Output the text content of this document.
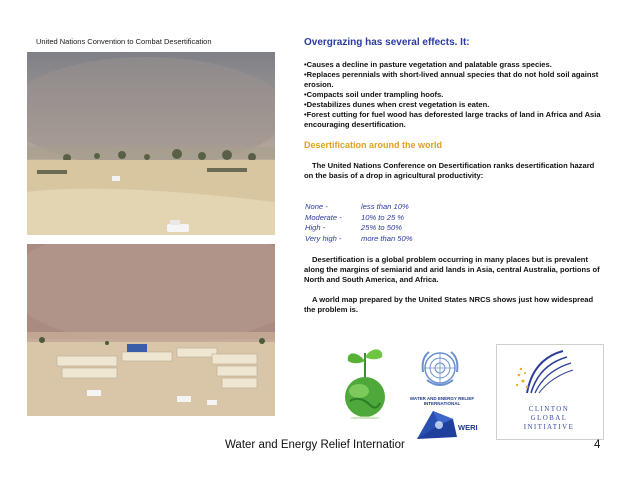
United Nations Convention to Combat Desertification	Overgrazing has several effects. It:
•Causes a decline in pasture vegetation and palatable grass species.
•Replaces perennials with short-lived annual species that do not hold soil against erosion.
•Compacts soil under trampling hoofs.
•Destabilizes dunes when crest vegetation is eaten.
•Forest cutting for fuel wood has deforested large tracks of land in Africa and Asia encouraging desertification.
Desertification around the world
The United Nations Conference on Desertification ranks desertification hazard on the basis of a drop in agricultural productivity:
None -	less than 10%
Moderate -	10% to 25 %
High -	25% to 50%
Very high -	more than 50%
Desertification is a global problem occurring in many places but is prevalent along the margins of semiarid and arid lands in Asia, central Australia, portions of North and South America, and Africa.
A world map prepared by the United States NRCS shows just how widespread the problem is.
WATER AND ENERGY RELIEF INTERNATIONAL
WERI
CLINTON
GLOBAL
INITIATIVE
Water and Energy Relief Internatior	4
